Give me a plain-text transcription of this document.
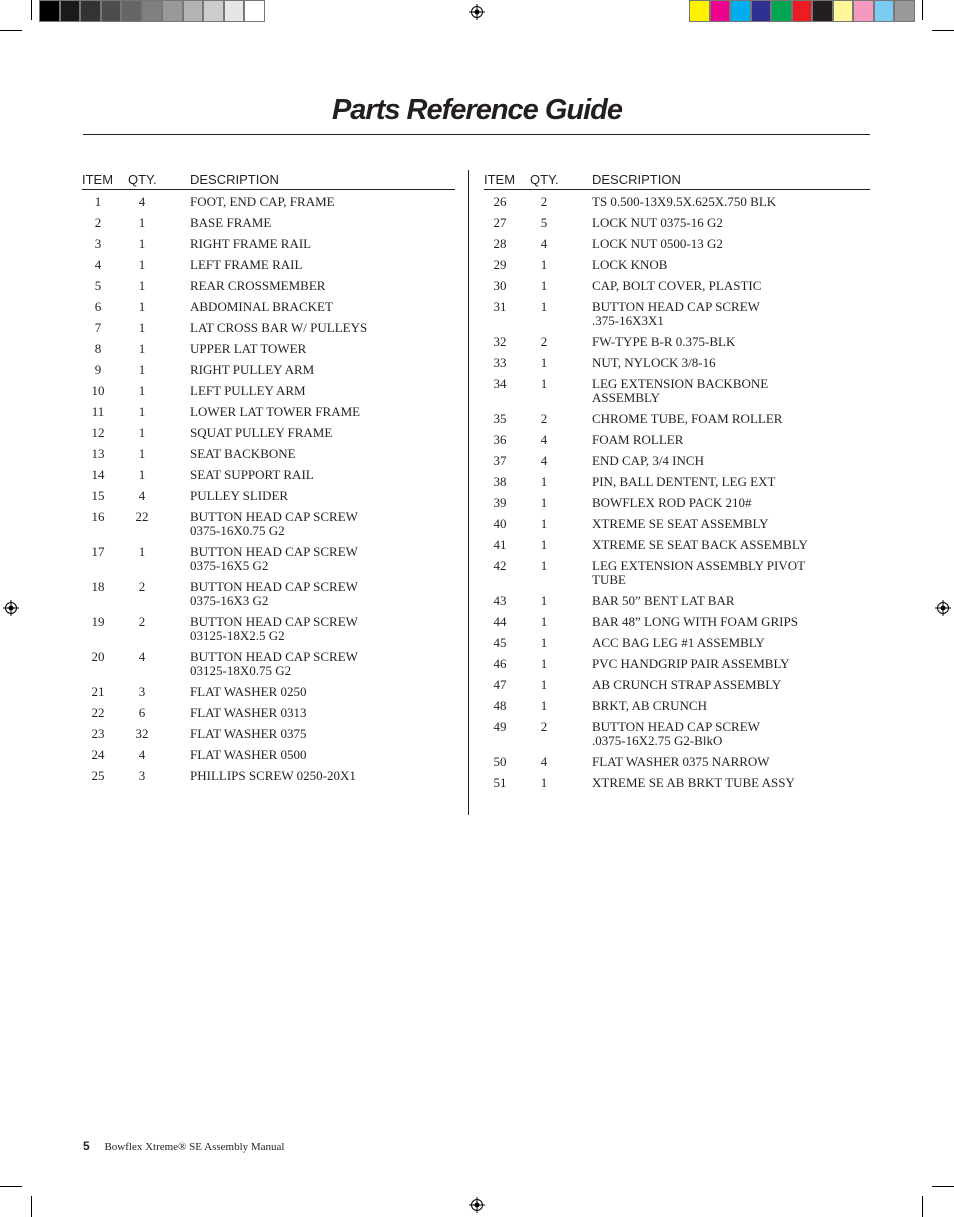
Parts Reference Guide
ITEM	QTY.	DESCRIPTION
1	4	FOOT, END CAP, FRAME
2	1	BASE FRAME
3	1	RIGHT FRAME RAIL
4	1	LEFT FRAME RAIL
5	1	REAR CROSSMEMBER
6	1	ABDOMINAL BRACKET
7	1	LAT CROSS BAR W/ PULLEYS
8	1	UPPER LAT TOWER
9	1	RIGHT PULLEY ARM
10	1	LEFT PULLEY ARM
11	1	LOWER LAT TOWER FRAME
12	1	SQUAT PULLEY FRAME
13	1	SEAT BACKBONE
14	1	SEAT SUPPORT RAIL
15	4	PULLEY SLIDER
16	22	BUTTON HEAD CAP SCREW
0375-16X0.75 G2
17	1	BUTTON HEAD CAP SCREW
0375-16X5 G2
18	2	BUTTON HEAD CAP SCREW
0375-16X3 G2
19	2	BUTTON HEAD CAP SCREW
03125-18X2.5 G2
20	4	BUTTON HEAD CAP SCREW
03125-18X0.75 G2
21	3	FLAT WASHER 0250
22	6	FLAT WASHER 0313
23	32	FLAT WASHER 0375
24	4	FLAT WASHER 0500
25	3	PHILLIPS SCREW 0250-20X1
ITEM	QTY.	DESCRIPTION
26	2	TS 0.500-13X9.5X.625X.750 BLK
27	5	LOCK NUT 0375-16 G2
28	4	LOCK NUT 0500-13 G2
29	1	LOCK KNOB
30	1	CAP, BOLT COVER, PLASTIC
31	1	BUTTON HEAD CAP SCREW
.375-16X3X1
32	2	FW-TYPE B-R 0.375-BLK
33	1	NUT, NYLOCK 3/8-16
34	1	LEG EXTENSION BACKBONE
ASSEMBLY
35	2	CHROME TUBE, FOAM ROLLER
36	4	FOAM ROLLER
37	4	END CAP, 3/4 INCH
38	1	PIN, BALL DENTENT, LEG EXT
39	1	BOWFLEX ROD PACK 210#
40	1	XTREME SE SEAT ASSEMBLY
41	1	XTREME SE SEAT BACK ASSEMBLY
42	1	LEG EXTENSION ASSEMBLY PIVOT
TUBE
43	1	BAR 50” BENT LAT BAR
44	1	BAR 48” LONG WITH FOAM GRIPS
45	1	ACC BAG LEG #1 ASSEMBLY
46	1	PVC HANDGRIP PAIR ASSEMBLY
47	1	AB CRUNCH STRAP ASSEMBLY
48	1	BRKT, AB CRUNCH
49	2	BUTTON HEAD CAP SCREW
.0375-16X2.75 G2-BlkO
50	4	FLAT WASHER 0375 NARROW
51	1	XTREME SE AB BRKT TUBE ASSY
5 Bowflex Xtreme® SE Assembly Manual
